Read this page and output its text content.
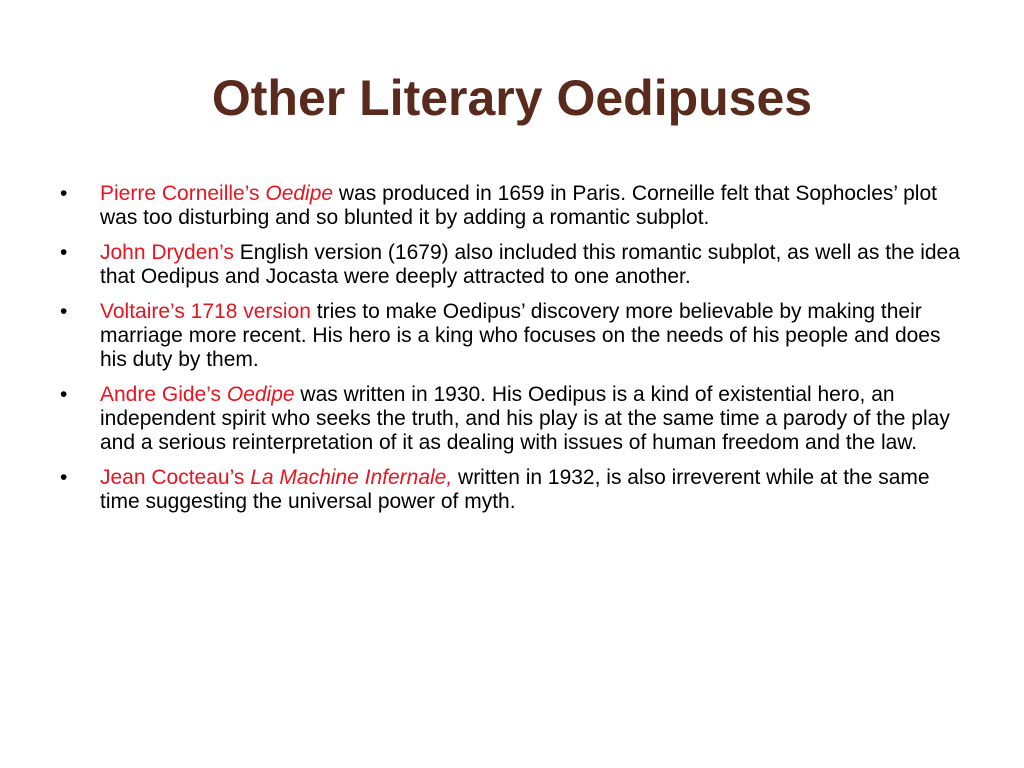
Other Literary Oedipuses
•	Pierre Corneille’s Oedipe was produced in 1659 in Paris. Corneille felt that Sophocles’ plot was too disturbing and so blunted it by adding a romantic subplot.
•	John Dryden’s English version (1679) also included this romantic subplot, as well as the idea that Oedipus and Jocasta were deeply attracted to one another.
•	Voltaire’s 1718 version tries to make Oedipus’ discovery more believable by making their marriage more recent. His hero is a king who focuses on the needs of his people and does his duty by them.
•	Andre Gide’s Oedipe was written in 1930. His Oedipus is a kind of existential hero, an independent spirit who seeks the truth, and his play is at the same time a parody of the play and a serious reinterpretation of it as dealing with issues of human freedom and the law.
•	Jean Cocteau’s La Machine Infernale, written in 1932, is also irreverent while at the same time suggesting the universal power of myth.
